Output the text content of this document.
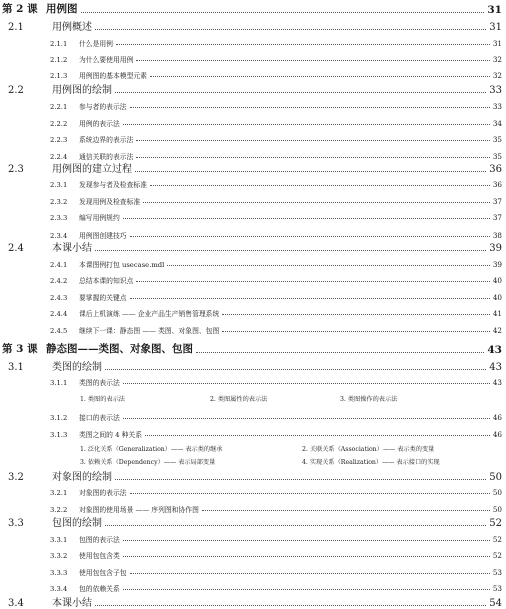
第 2 课 用例图	31
2.1	用例概述	31
2.1.1	什么是用例	31
2.1.2	为什么要使用用例	32
2.1.3	用例图的基本模型元素	32
2.2	用例图的绘制	33
2.2.1	参与者的表示法	33
2.2.2	用例的表示法	34
2.2.3	系统边界的表示法	35
2.2.4	通信关联的表示法	35
2.3	用例图的建立过程	36
2.3.1	发现参与者及检查标准	36
2.3.2	发现用例及检查标准	37
2.3.3	编写用例规约	37
2.3.4	用例图创建技巧	38
2.4	本课小结	39
2.4.1	本课图例打包 usecase.mdl	39
2.4.2	总结本课的知识点	40
2.4.3	要掌握的关键点	40
2.4.4	课后上机演练 —— 企业产品生产销售管理系统	41
2.4.5	继续下一课：静态图 —— 类图、对象图、包图	42
第 3 课 静态图——类图、对象图、包图	43
3.1	类图的绘制	43
3.1.1	类图的表示法	43
3.1.2	接口的表示法	46
3.1.3	类图之间的 4 种关系	46
3.2	对象图的绘制	50
3.2.1	对象图的表示法	50
3.2.2	对象图的使用场景 —— 序列图和协作图	50
3.3	包图的绘制	52
3.3.1	包图的表示法	52
3.3.2	使用包包含类	52
3.3.3	使用包包含子包	53
3.3.4	包的依赖关系	53
3.4	本课小结	54
1. 类图的表示法	2. 类图属性的表示法	3. 类图操作的表示法
1. 泛化关系（Generalization）—— 表示类的继承	2. 关联关系（Association）—— 表示类的变量
3. 依赖关系（Dependency）—— 表示局部变量	4. 实现关系（Realization）—— 表示接口的实现
